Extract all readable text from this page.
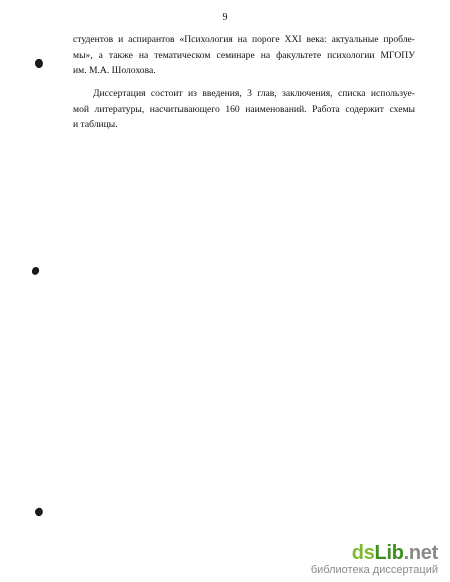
9
студентов и аспирантов «Психология на пороге XXI века: актуальные пробле-
мы», а также на тематическом семинаре на факультете психологии МГОПУ
им. М.А. Шолохова.
Диссертация состоит из введения, 3 глав, заключения, списка используе-
мой литературы, насчитывающего 160 наименований. Работа содержит схемы
и таблицы.
dsLib.net
библиотека диссертаций
